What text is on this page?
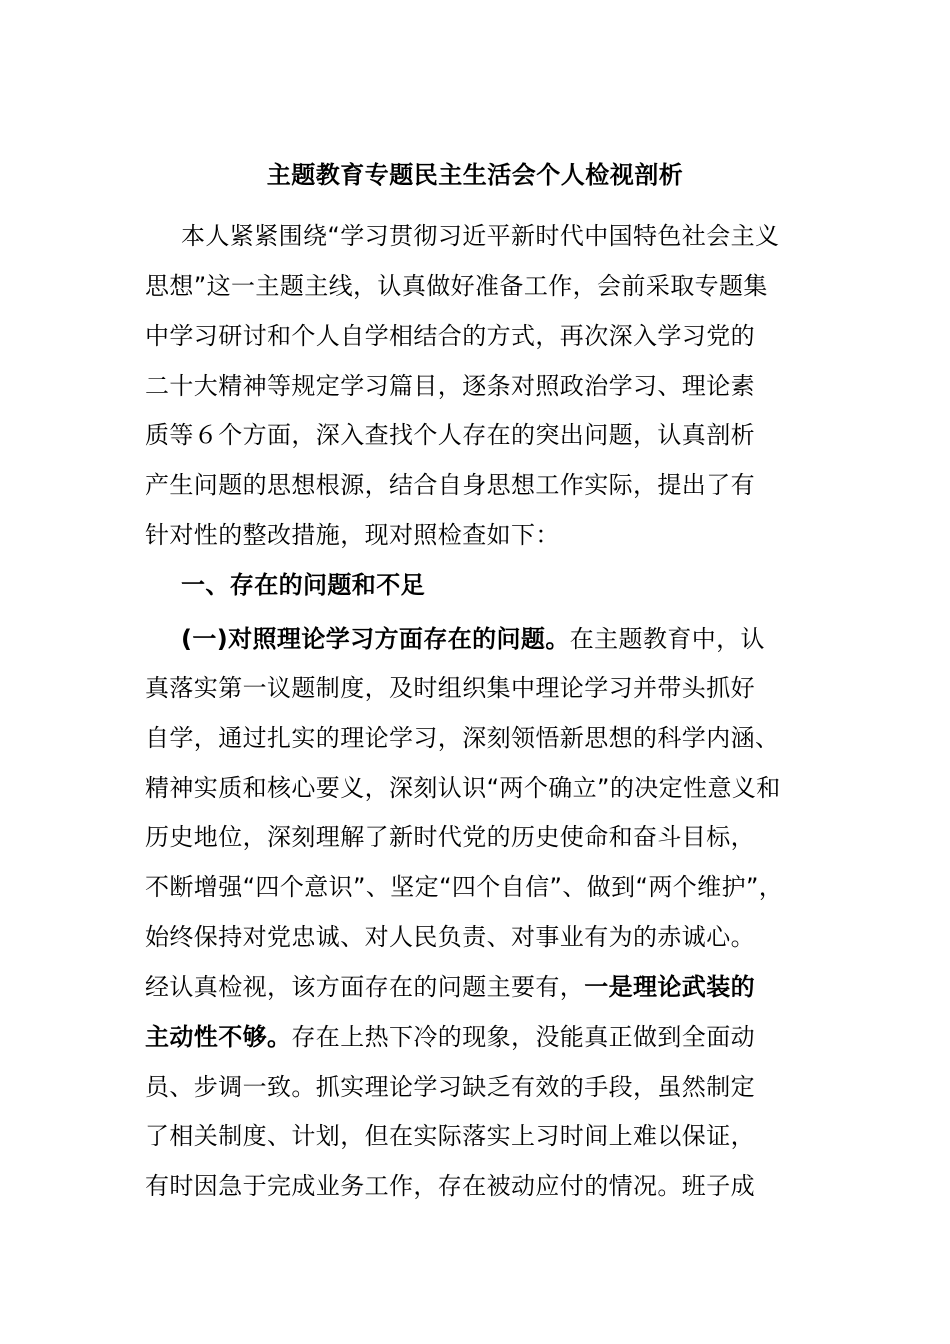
主题教育专题民主生活会个人检视剖析
本人紧紧围绕“学习贯彻习近平新时代中国特色社会主义
思想”这一主题主线，认真做好准备工作，会前采取专题集
中学习研讨和个人自学相结合的方式，再次深入学习党的
二十大精神等规定学习篇目，逐条对照政治学习、理论素
质等６个方面，深入查找个人存在的突出问题，认真剖析
产生问题的思想根源，结合自身思想工作实际，提出了有
针对性的整改措施，现对照检查如下：
一、存在的问题和不足
(一)对照理论学习方面存在的问题。在主题教育中，认
真落实第一议题制度，及时组织集中理论学习并带头抓好
自学，通过扎实的理论学习，深刻领悟新思想的科学内涵、
精神实质和核心要义，深刻认识“两个确立”的决定性意义和
历史地位，深刻理解了新时代党的历史使命和奋斗目标，
不断增强“四个意识”、坚定“四个自信”、做到“两个维护”，
始终保持对党忠诚、对人民负责、对事业有为的赤诚心。
经认真检视，该方面存在的问题主要有，一是理论武装的
主动性不够。存在上热下冷的现象，没能真正做到全面动
员、步调一致。抓实理论学习缺乏有效的手段，虽然制定
了相关制度、计划，但在实际落实上习时间上难以保证，
有时因急于完成业务工作，存在被动应付的情况。班子成
